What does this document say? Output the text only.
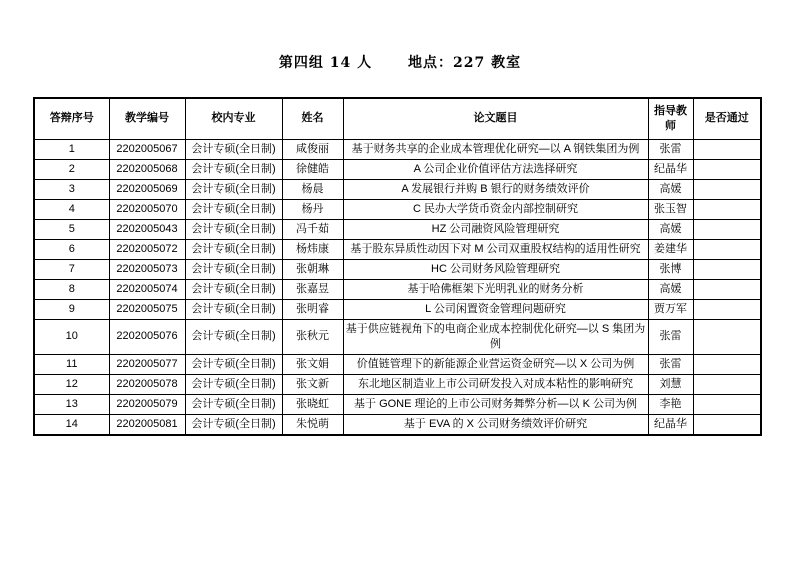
第四组 14 人	地点：227 教室
答辩序号	教学编号	校内专业	姓名	论文题目	指导教师	是否通过
1	2202005067	会计专硕(全日制)	咸俊丽	基于财务共享的企业成本管理优化研究—以 A 钢铁集团为例	张雷	
2	2202005068	会计专硕(全日制)	徐健皓	A 公司企业价值评估方法选择研究	纪晶华	
3	2202005069	会计专硕(全日制)	杨晨	A 发展银行并购 B 银行的财务绩效评价	高媛	
4	2202005070	会计专硕(全日制)	杨丹	C 民办大学货币资金内部控制研究	张玉智	
5	2202005043	会计专硕(全日制)	冯千茹	HZ 公司融资风险管理研究	高媛	
6	2202005072	会计专硕(全日制)	杨炜康	基于股东异质性动因下对 M 公司双重股权结构的适用性研究	姜建华	
7	2202005073	会计专硕(全日制)	张朝琳	HC 公司财务风险管理研究	张博	
8	2202005074	会计专硕(全日制)	张嘉昱	基于哈佛框架下光明乳业的财务分析	高媛	
9	2202005075	会计专硕(全日制)	张明睿	L 公司闲置资金管理问题研究	贾万军	
10	2202005076	会计专硕(全日制)	张秋元	基于供应链视角下的电商企业成本控制优化研究—以 S 集团为例	张雷	
11	2202005077	会计专硕(全日制)	张文娟	价值链管理下的新能源企业营运资金研究—以 X 公司为例	张雷	
12	2202005078	会计专硕(全日制)	张文新	东北地区制造业上市公司研发投入对成本粘性的影响研究	刘慧	
13	2202005079	会计专硕(全日制)	张晓虹	基于 GONE 理论的上市公司财务舞弊分析—以 K 公司为例	李艳	
14	2202005081	会计专硕(全日制)	朱悦萌	基于 EVA 的 X 公司财务绩效评价研究	纪晶华	
